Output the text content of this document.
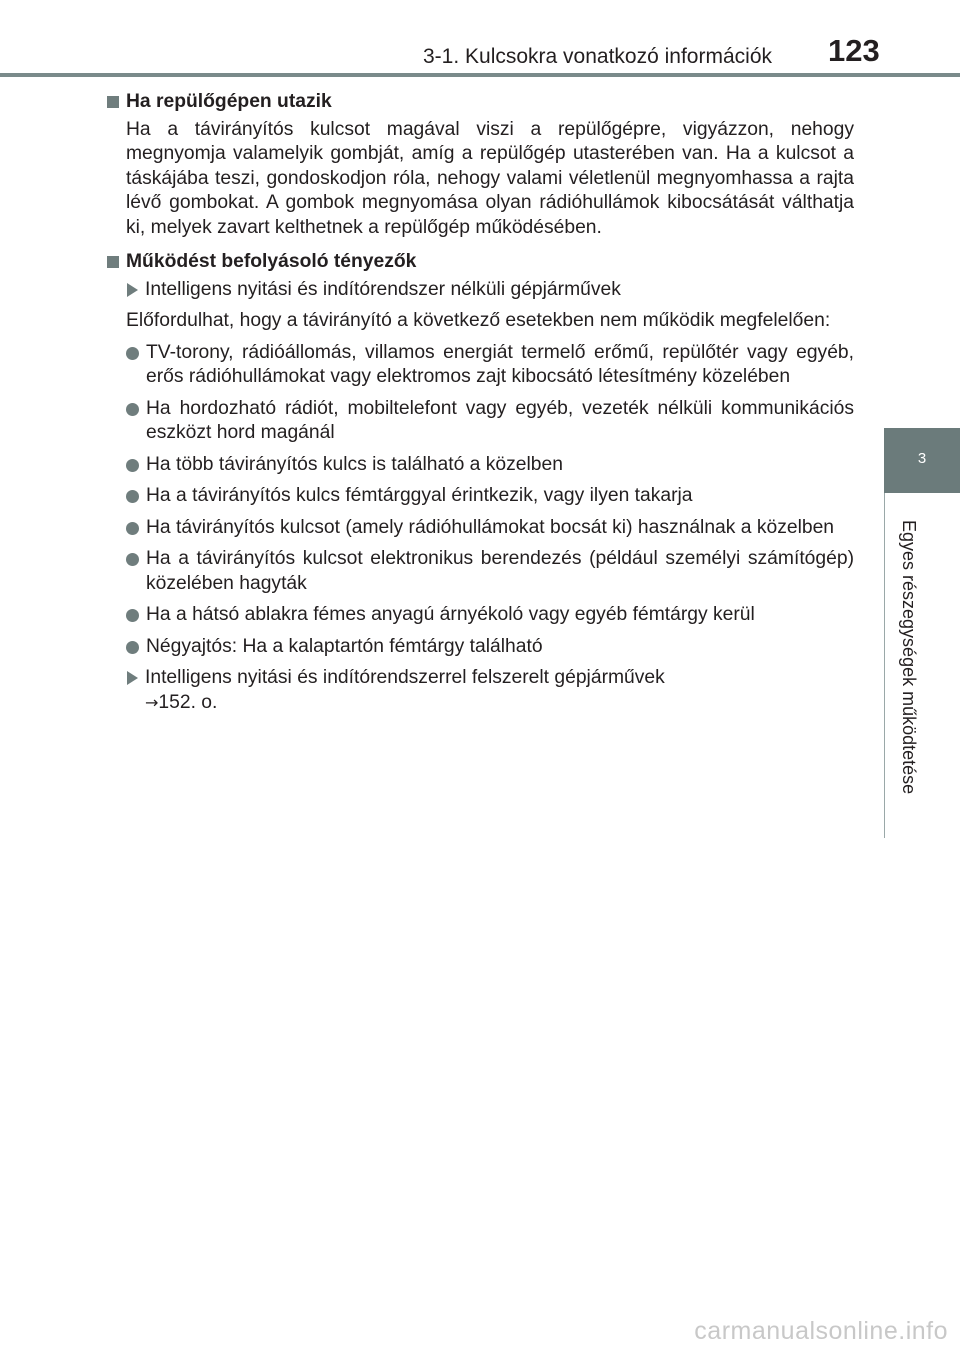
3-1. Kulcsokra vonatkozó információk 123
3
Egyes részegységek működtetése
Ha repülőgépen utazik

Ha a távirányítós kulcsot magával viszi a repülőgépre, vigyázzon, nehogy megnyomja valamelyik gombját, amíg a repülőgép utasterében van. Ha a kulcsot a táskájába teszi, gondoskodjon róla, nehogy valami véletlenül megnyomhassa a rajta lévő gombokat. A gombok megnyomása olyan rádióhullámok kibocsátását válthatja ki, melyek zavart kelthetnek a repülőgép működésében.

Működést befolyásoló tényezők
Intelligens nyitási és indítórendszer nélküli gépjárművek

Előfordulhat, hogy a távirányító a következő esetekben nem működik megfelelően:

TV-torony, rádióállomás, villamos energiát termelő erőmű, repülőtér vagy egyéb, erős rádióhullámokat vagy elektromos zajt kibocsátó létesítmény közelében
Ha hordozható rádiót, mobiltelefont vagy egyéb, vezeték nélküli kommunikációs eszközt hord magánál
Ha több távirányítós kulcs is található a közelben
Ha a távirányítós kulcs fémtárggyal érintkezik, vagy ilyen takarja
Ha távirányítós kulcsot (amely rádióhullámokat bocsát ki) használnak a közelben
Ha a távirányítós kulcsot elektronikus berendezés (például személyi számítógép) közelében hagyták
Ha a hátsó ablakra fémes anyagú árnyékoló vagy egyéb fémtárgy kerül
Négyajtós: Ha a kalaptartón fémtárgy található
Intelligens nyitási és indítórendszerrel felszerelt gépjárművek
→152. o.
carmanualsonline.info
